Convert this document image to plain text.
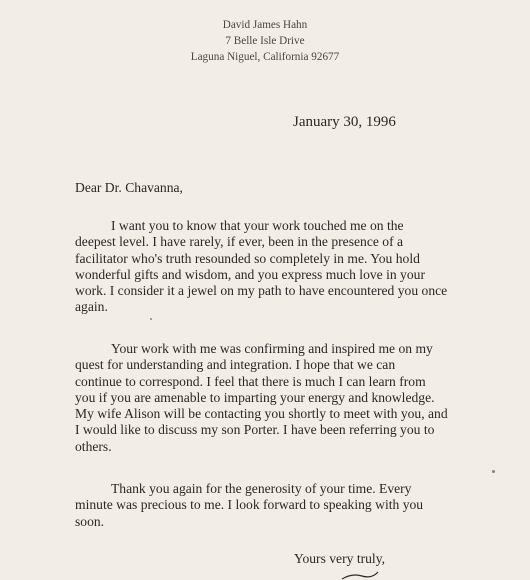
David James Hahn
7 Belle Isle Drive
Laguna Niguel, California 92677
January 30, 1996
Dear Dr. Chavanna,
I want you to know that your work touched me on the
deepest level. I have rarely, if ever, been in the presence of a
facilitator who's truth resounded so completely in me. You hold
wonderful gifts and wisdom, and you express much love in your
work. I consider it a jewel on my path to have encountered you once
again.
Your work with me was confirming and inspired me on my
quest for understanding and integration. I hope that we can
continue to correspond. I feel that there is much I can learn from
you if you are amenable to imparting your energy and knowledge.
My wife Alison will be contacting you shortly to meet with you, and
I would like to discuss my son Porter. I have been referring you to
others.
Thank you again for the generosity of your time. Every
minute was precious to me. I look forward to speaking with you
soon.
Yours very truly,
